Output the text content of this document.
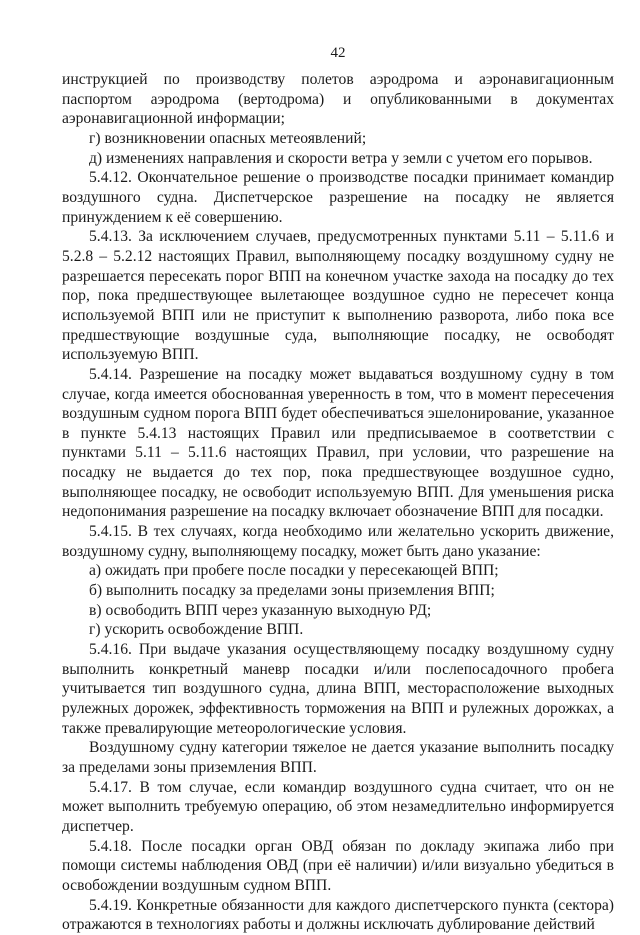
42

инструкцией по производству полетов аэродрома и аэронавигационным паспортом аэродрома (вертодрома) и опубликованными в документах аэронавигационной информации;

г) возникновении опасных метеоявлений;

д) изменениях направления и скорости ветра у земли с учетом его порывов.

5.4.12. Окончательное решение о производстве посадки принимает командир воздушного судна. Диспетчерское разрешение на посадку не является принуждением к её совершению.

5.4.13. За исключением случаев, предусмотренных пунктами 5.11 – 5.11.6 и 5.2.8 – 5.2.12 настоящих Правил, выполняющему посадку воздушному судну не разрешается пересекать порог ВПП на конечном участке захода на посадку до тех пор, пока предшествующее вылетающее воздушное судно не пересечет конца используемой ВПП или не приступит к выполнению разворота, либо пока все предшествующие воздушные суда, выполняющие посадку, не освободят используемую ВПП.

5.4.14. Разрешение на посадку может выдаваться воздушному судну в том случае, когда имеется обоснованная уверенность в том, что в момент пересечения воздушным судном порога ВПП будет обеспечиваться эшелонирование, указанное в пункте 5.4.13 настоящих Правил или предписываемое в соответствии с пунктами 5.11 – 5.11.6 настоящих Правил, при условии, что разрешение на посадку не выдается до тех пор, пока предшествующее воздушное судно, выполняющее посадку, не освободит используемую ВПП. Для уменьшения риска недопонимания разрешение на посадку включает обозначение ВПП для посадки.

5.4.15. В тех случаях, когда необходимо или желательно ускорить движение, воздушному судну, выполняющему посадку, может быть дано указание:

а) ожидать при пробеге после посадки у пересекающей ВПП;

б) выполнить посадку за пределами зоны приземления ВПП;

в) освободить ВПП через указанную выходную РД;

г) ускорить освобождение ВПП.

5.4.16. При выдаче указания осуществляющему посадку воздушному судну выполнить конкретный маневр посадки и/или послепосадочного пробега учитывается тип воздушного судна, длина ВПП, месторасположение выходных рулежных дорожек, эффективность торможения на ВПП и рулежных дорожках, а также превалирующие метеорологические условия.

Воздушному судну категории тяжелое не дается указание выполнить посадку за пределами зоны приземления ВПП.

5.4.17. В том случае, если командир воздушного судна считает, что он не может выполнить требуемую операцию, об этом незамедлительно информируется диспетчер.

5.4.18. После посадки орган ОВД обязан по докладу экипажа либо при помощи системы наблюдения ОВД (при её наличии) и/или визуально убедиться в освобождении воздушным судном ВПП.

5.4.19. Конкретные обязанности для каждого диспетчерского пункта (сектора) отражаются в технологиях работы и должны исключать дублирование действий
